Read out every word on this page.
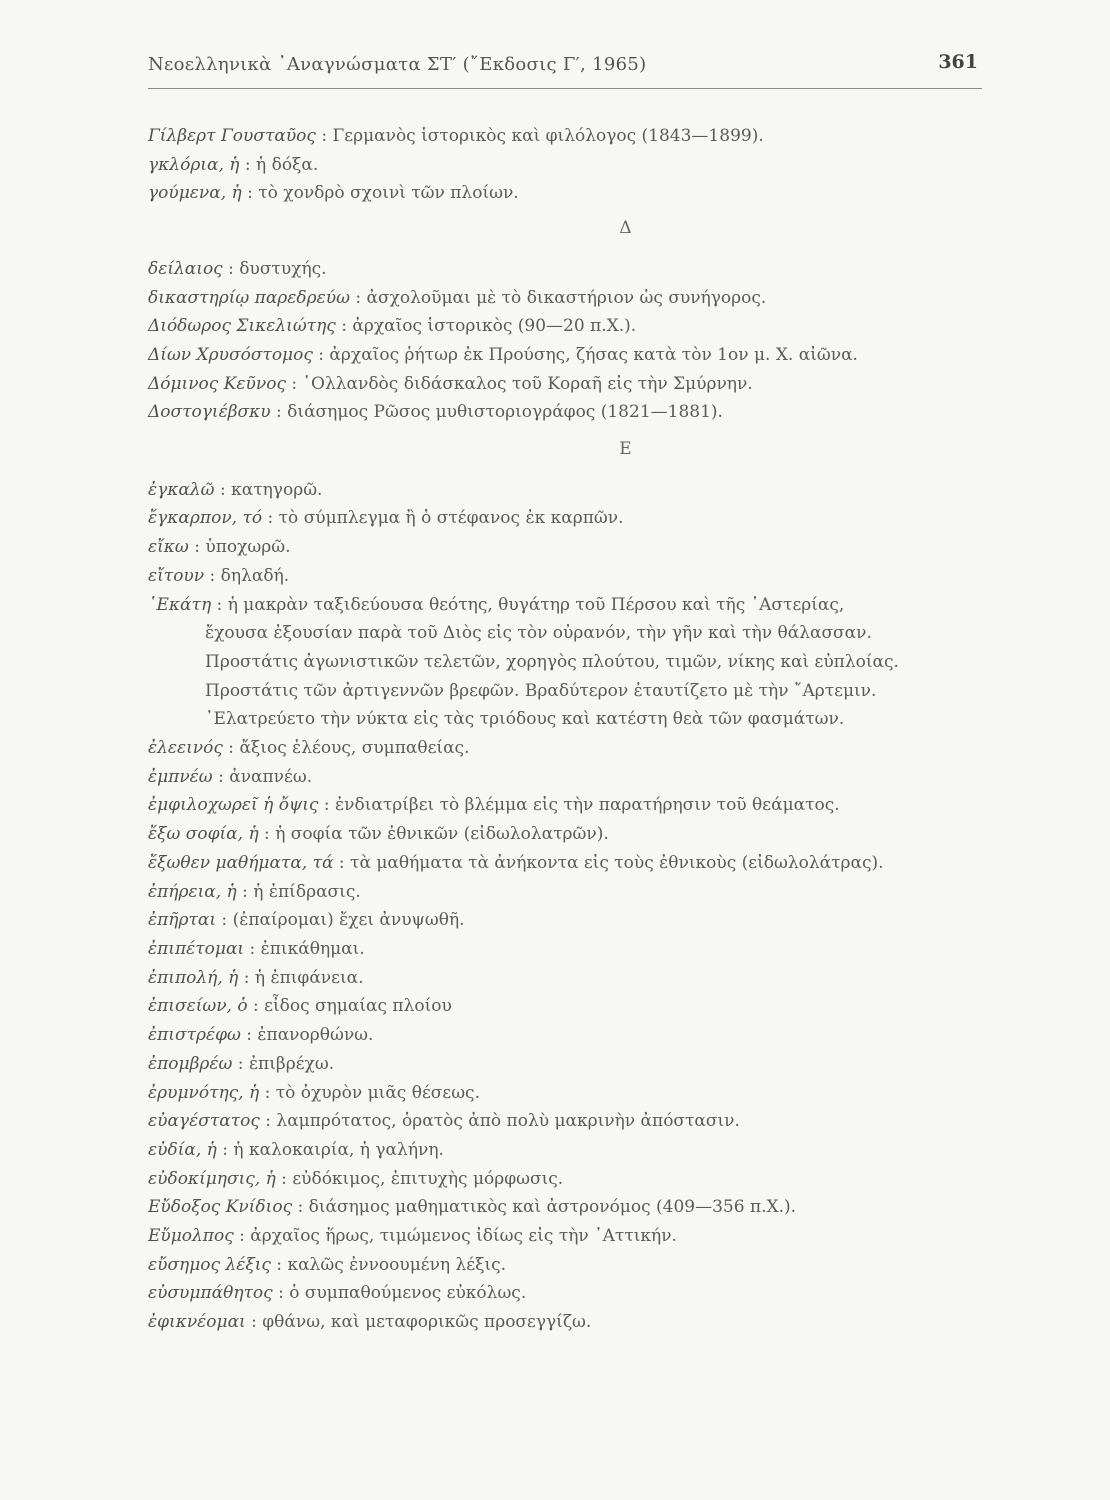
Νεοελληνικὰ ᾿Αναγνώσματα ΣΤ′ (῎Εκδοσις Γ′, 1965)	361
Γίλβερτ Γουσταῦος : Γερμανὸς ἱστορικὸς καὶ φιλόλογος (1843—1899).
γκλόρια, ἡ : ἡ δόξα.
γούμενα, ἡ : τὸ χονδρὸ σχοινὶ τῶν πλοίων.
Δ
δείλαιος : δυστυχής.
δικαστηρίῳ παρεδρεύω : ἀσχολοῦμαι μὲ τὸ δικαστήριον ὡς συνήγορος.
Διόδωρος Σικελιώτης : ἀρχαῖος ἱστορικὸς (90—20 π.Χ.).
Δίων Χρυσόστομος : ἀρχαῖος ῥήτωρ ἐκ Προύσης, ζήσας κατὰ τὸν 1ον μ. Χ. αἰῶνα.
Δόμινος Κεῦνος : ῾Ολλανδὸς διδάσκαλος τοῦ Κοραῆ εἰς τὴν Σμύρνην.
Δοστογιέβσκυ : διάσημος Ρῶσος μυθιστοριογράφος (1821—1881).
Ε
ἐγκαλῶ : κατηγορῶ.
ἔγκαρπον, τό : τὸ σύμπλεγμα ἢ ὁ στέφανος ἐκ καρπῶν.
εἴκω : ὑποχωρῶ.
εἴτουν : δηλαδή.
῾Εκάτη : ἡ μακρὰν ταξιδεύουσα θεότης, θυγάτηρ τοῦ Πέρσου καὶ τῆς ᾿Αστερίας,
ἔχουσα ἐξουσίαν παρὰ τοῦ Διὸς εἰς τὸν οὐρανόν, τὴν γῆν καὶ τὴν θάλασσαν.
Προστάτις ἀγωνιστικῶν τελετῶν, χορηγὸς πλούτου, τιμῶν, νίκης καὶ εὐπλοίας.
Προστάτις τῶν ἀρτιγεννῶν βρεφῶν. Βραδύτερον ἐταυτίζετο μὲ τὴν ῎Αρτεμιν.
᾿Ελατρεύετο τὴν νύκτα εἰς τὰς τριόδους καὶ κατέστη θεὰ τῶν φασμάτων.
ἐλεεινός : ἄξιος ἐλέους, συμπαθείας.
ἐμπνέω : ἀναπνέω.
ἐμφιλοχωρεῖ ἡ ὄψις : ἐνδιατρίβει τὸ βλέμμα εἰς τὴν παρατήρησιν τοῦ θεάματος.
ἔξω σοφία, ἡ : ἡ σοφία τῶν ἐθνικῶν (εἰδωλολατρῶν).
ἔξωθεν μαθήματα, τά : τὰ μαθήματα τὰ ἀνήκοντα εἰς τοὺς ἐθνικοὺς (εἰδωλολάτρας).
ἐπήρεια, ἡ : ἡ ἐπίδρασις.
ἐπῆρται : (ἐπαίρομαι) ἔχει ἀνυψωθῆ.
ἐπιπέτομαι : ἐπικάθημαι.
ἐπιπολή, ἡ : ἡ ἐπιφάνεια.
ἐπισείων, ὁ : εἶδος σημαίας πλοίου
ἐπιστρέφω : ἐπανορθώνω.
ἐπομβρέω : ἐπιβρέχω.
ἐρυμνότης, ἡ : τὸ ὀχυρὸν μιᾶς θέσεως.
εὐαγέστατος : λαμπρότατος, ὁρατὸς ἀπὸ πολὺ μακρινὴν ἀπόστασιν.
εὐδία, ἡ : ἡ καλοκαιρία, ἡ γαλήνη.
εὐδοκίμησις, ἡ : εὐδόκιμος, ἐπιτυχὴς μόρφωσις.
Εὔδοξος Κνίδιος : διάσημος μαθηματικὸς καὶ ἀστρονόμος (409—356 π.Χ.).
Εὔμολπος : ἀρχαῖος ἥρως, τιμώμενος ἰδίως εἰς τὴν ᾿Αττικήν.
εὔσημος λέξις : καλῶς ἐννοουμένη λέξις.
εὐσυμπάθητος : ὁ συμπαθούμενος εὐκόλως.
ἐφικνέομαι : φθάνω, καὶ μεταφορικῶς προσεγγίζω.
